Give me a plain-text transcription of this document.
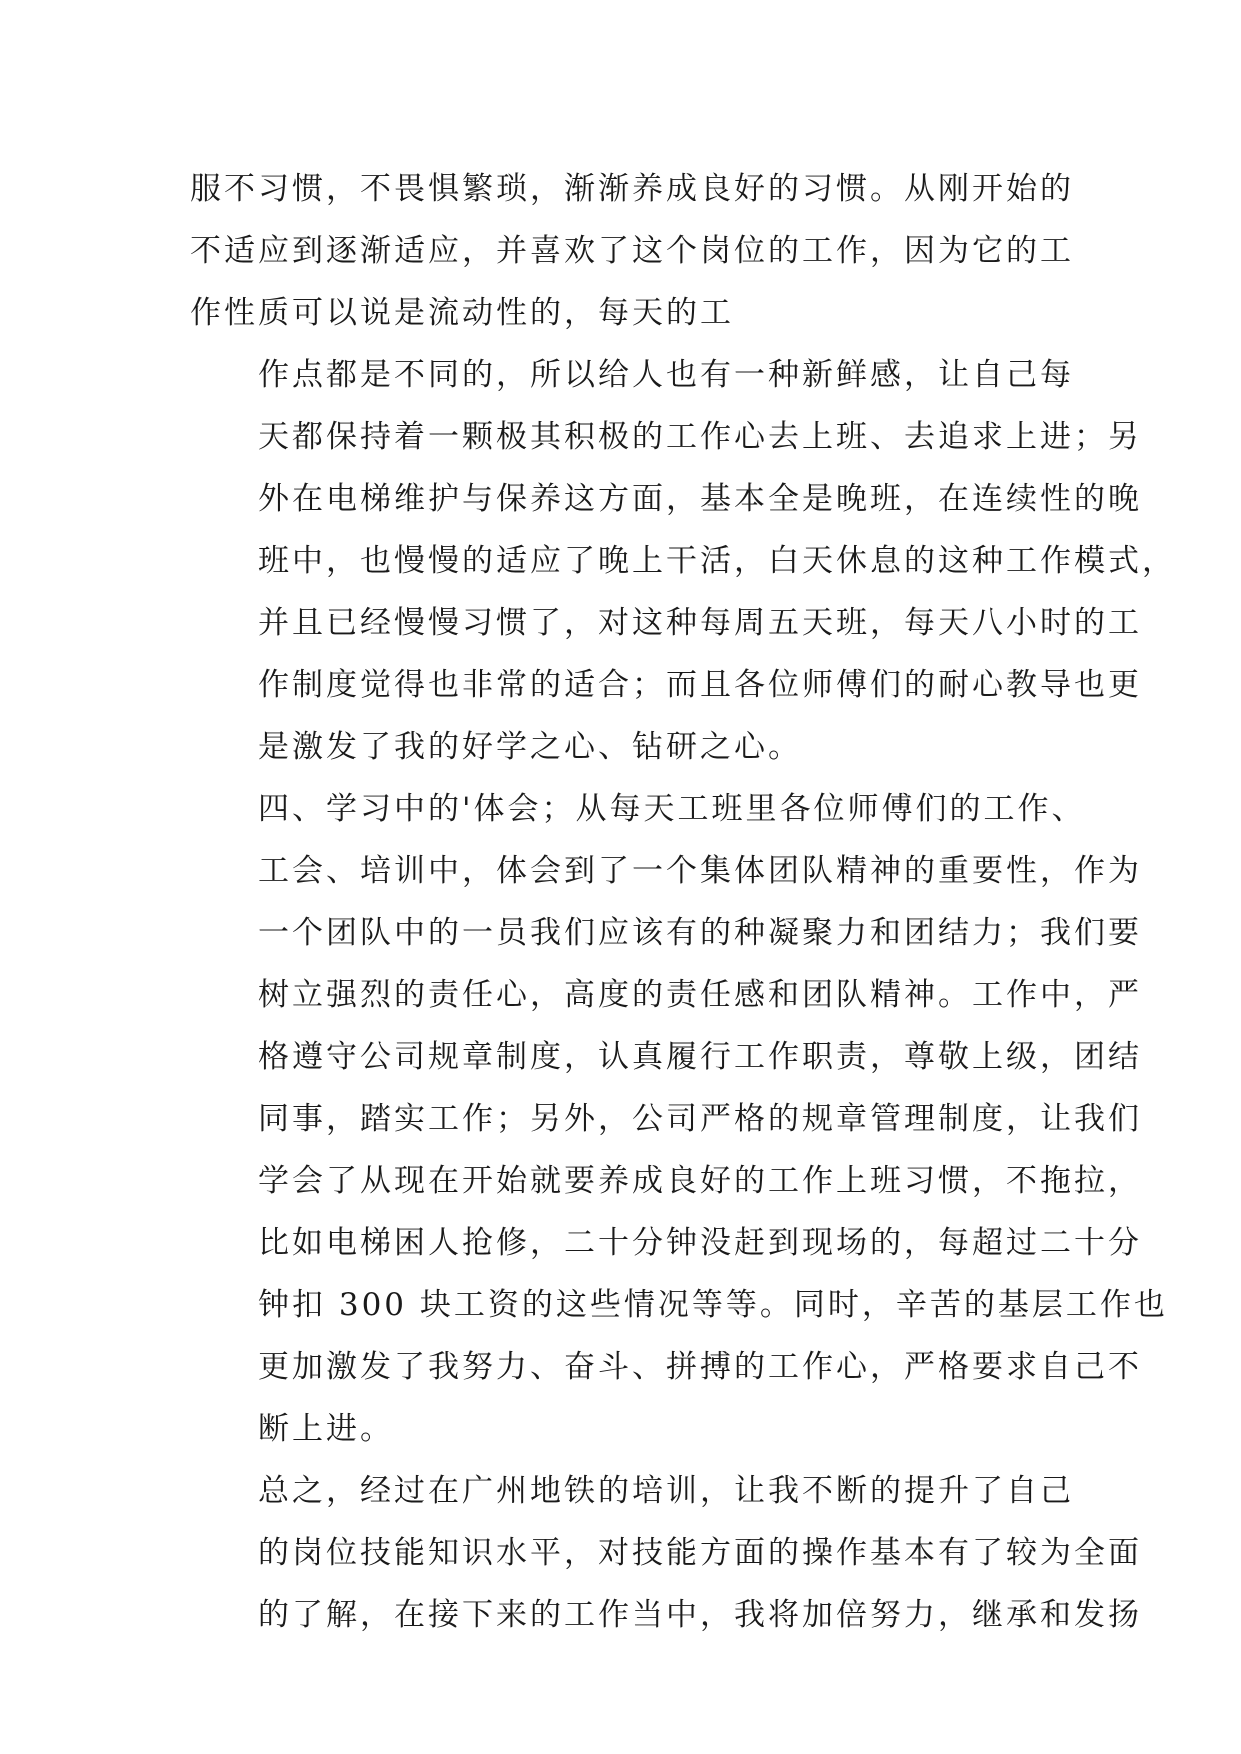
服不习惯，不畏惧繁琐，渐渐养成良好的习惯。从刚开始的
不适应到逐渐适应，并喜欢了这个岗位的工作，因为它的工
作性质可以说是流动性的，每天的工

作点都是不同的，所以给人也有一种新鲜感，让自己每
天都保持着一颗极其积极的工作心去上班、去追求上进；另
外在电梯维护与保养这方面，基本全是晚班，在连续性的晚
班中，也慢慢的适应了晚上干活，白天休息的这种工作模式，
并且已经慢慢习惯了，对这种每周五天班，每天八小时的工
作制度觉得也非常的适合；而且各位师傅们的耐心教导也更
是激发了我的好学之心、钻研之心。

四、学习中的'体会；从每天工班里各位师傅们的工作、
工会、培训中，体会到了一个集体团队精神的重要性，作为
一个团队中的一员我们应该有的种凝聚力和团结力；我们要
树立强烈的责任心，高度的责任感和团队精神。工作中，严
格遵守公司规章制度，认真履行工作职责，尊敬上级，团结
同事，踏实工作；另外，公司严格的规章管理制度，让我们
学会了从现在开始就要养成良好的工作上班习惯，不拖拉，
比如电梯困人抢修，二十分钟没赶到现场的，每超过二十分
钟扣 300 块工资的这些情况等等。同时，辛苦的基层工作也
更加激发了我努力、奋斗、拼搏的工作心，严格要求自己不
断上进。

总之，经过在广州地铁的培训，让我不断的提升了自己
的岗位技能知识水平，对技能方面的操作基本有了较为全面
的了解，在接下来的工作当中，我将加倍努力，继承和发扬
